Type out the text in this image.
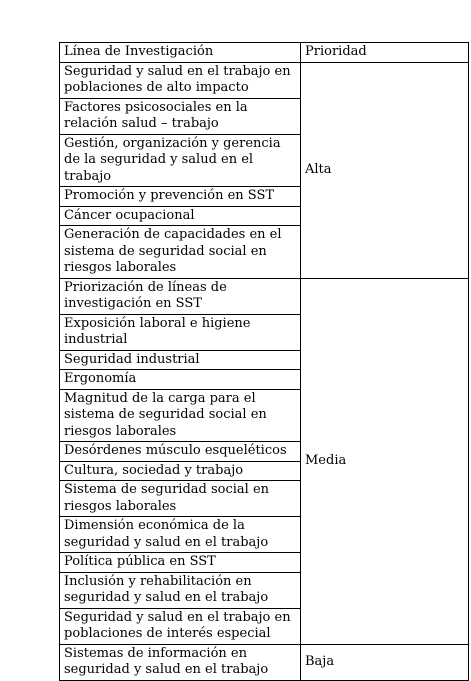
Línea de Investigación	Prioridad
Seguridad y salud en el trabajo en poblaciones de alto impacto	Alta
Factores psicosociales en la relación salud – trabajo	
Gestión, organización y gerencia de la seguridad y salud en el trabajo	
Promoción y prevención en SST	
Cáncer ocupacional	
Generación de capacidades en el sistema de seguridad social en riesgos laborales	
Priorización de líneas de investigación en SST	Media
Exposición laboral e higiene industrial	
Seguridad industrial	
Ergonomía	
Magnitud de la carga para el sistema de seguridad social en riesgos laborales	
Desórdenes músculo esqueléticos	
Cultura, sociedad y trabajo	
Sistema de seguridad social en riesgos laborales	
Dimensión económica de la seguridad y salud en el trabajo	
Política pública en SST	
Inclusión y rehabilitación en seguridad y salud en el trabajo	
Seguridad y salud en el trabajo en poblaciones de interés especial	
Sistemas de información en seguridad y salud en el trabajo	Baja
